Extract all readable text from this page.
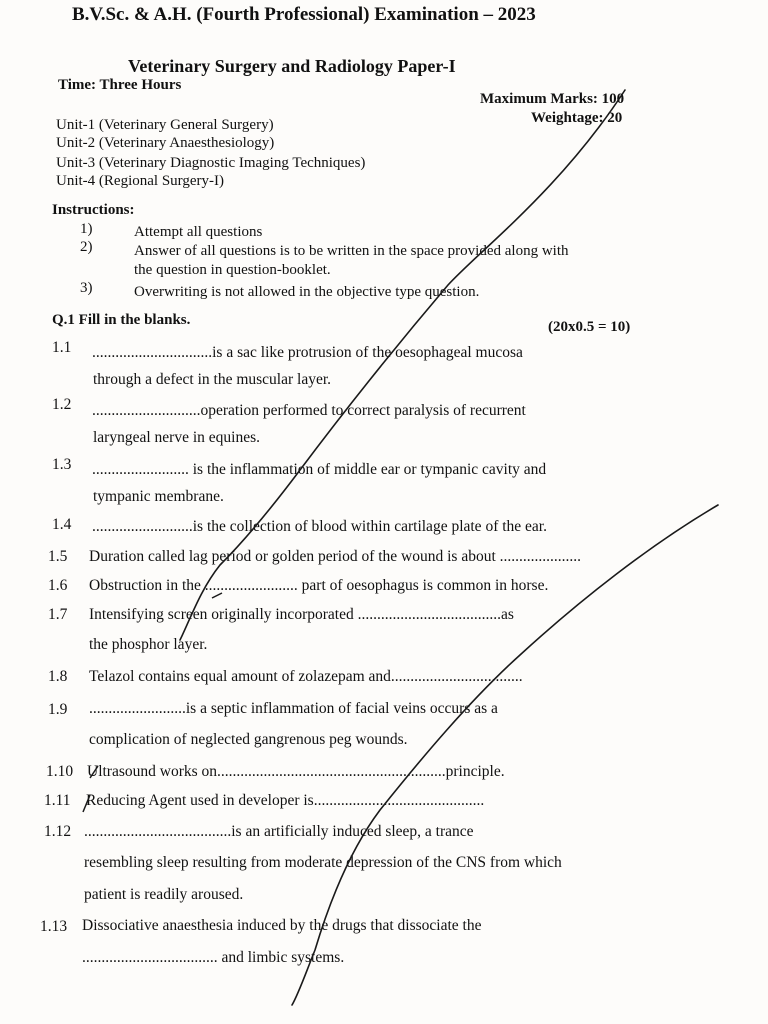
B.V.Sc. & A.H. (Fourth Professional) Examination – 2023
Veterinary Surgery and Radiology Paper-I
Time: Three Hours
Maximum Marks: 100
Weightage: 20
Unit-1 (Veterinary General Surgery)
Unit-2 (Veterinary Anaesthesiology)
Unit-3 (Veterinary Diagnostic Imaging Techniques)
Unit-4 (Regional Surgery-I)
Instructions:
1)	Attempt all questions
2)	Answer of all questions is to be written in the space provided along with
the question in question-booklet.
3)	Overwriting is not allowed in the objective type question.
Q.1 Fill in the blanks.	(20x0.5 = 10)
1.1 ...............................is a sac like protrusion of the oesophageal mucosa
through a defect in the muscular layer.
1.2 ............................operation performed to correct paralysis of recurrent
laryngeal nerve in equines.
1.3 ......................... is the inflammation of middle ear or tympanic cavity and
tympanic membrane.
1.4 ..........................is the collection of blood within cartilage plate of the ear.
1.5 Duration called lag period or golden period of the wound is about .....................
1.6 Obstruction in the ........................ part of oesophagus is common in horse.
1.7 Intensifying screen originally incorporated .....................................as
the phosphor layer.
1.8 Telazol contains equal amount of zolazepam and..................................
1.9 .........................is a septic inflammation of facial veins occurs as a
complication of neglected gangrenous peg wounds.
1.10 Ultrasound works on...........................................................principle.
1.11 Reducing Agent used in developer is............................................
1.12 ......................................is an artificially induced sleep, a trance
resembling sleep resulting from moderate depression of the CNS from which
patient is readily aroused.
1.13 Dissociative anaesthesia induced by the drugs that dissociate the
................................... and limbic systems.
